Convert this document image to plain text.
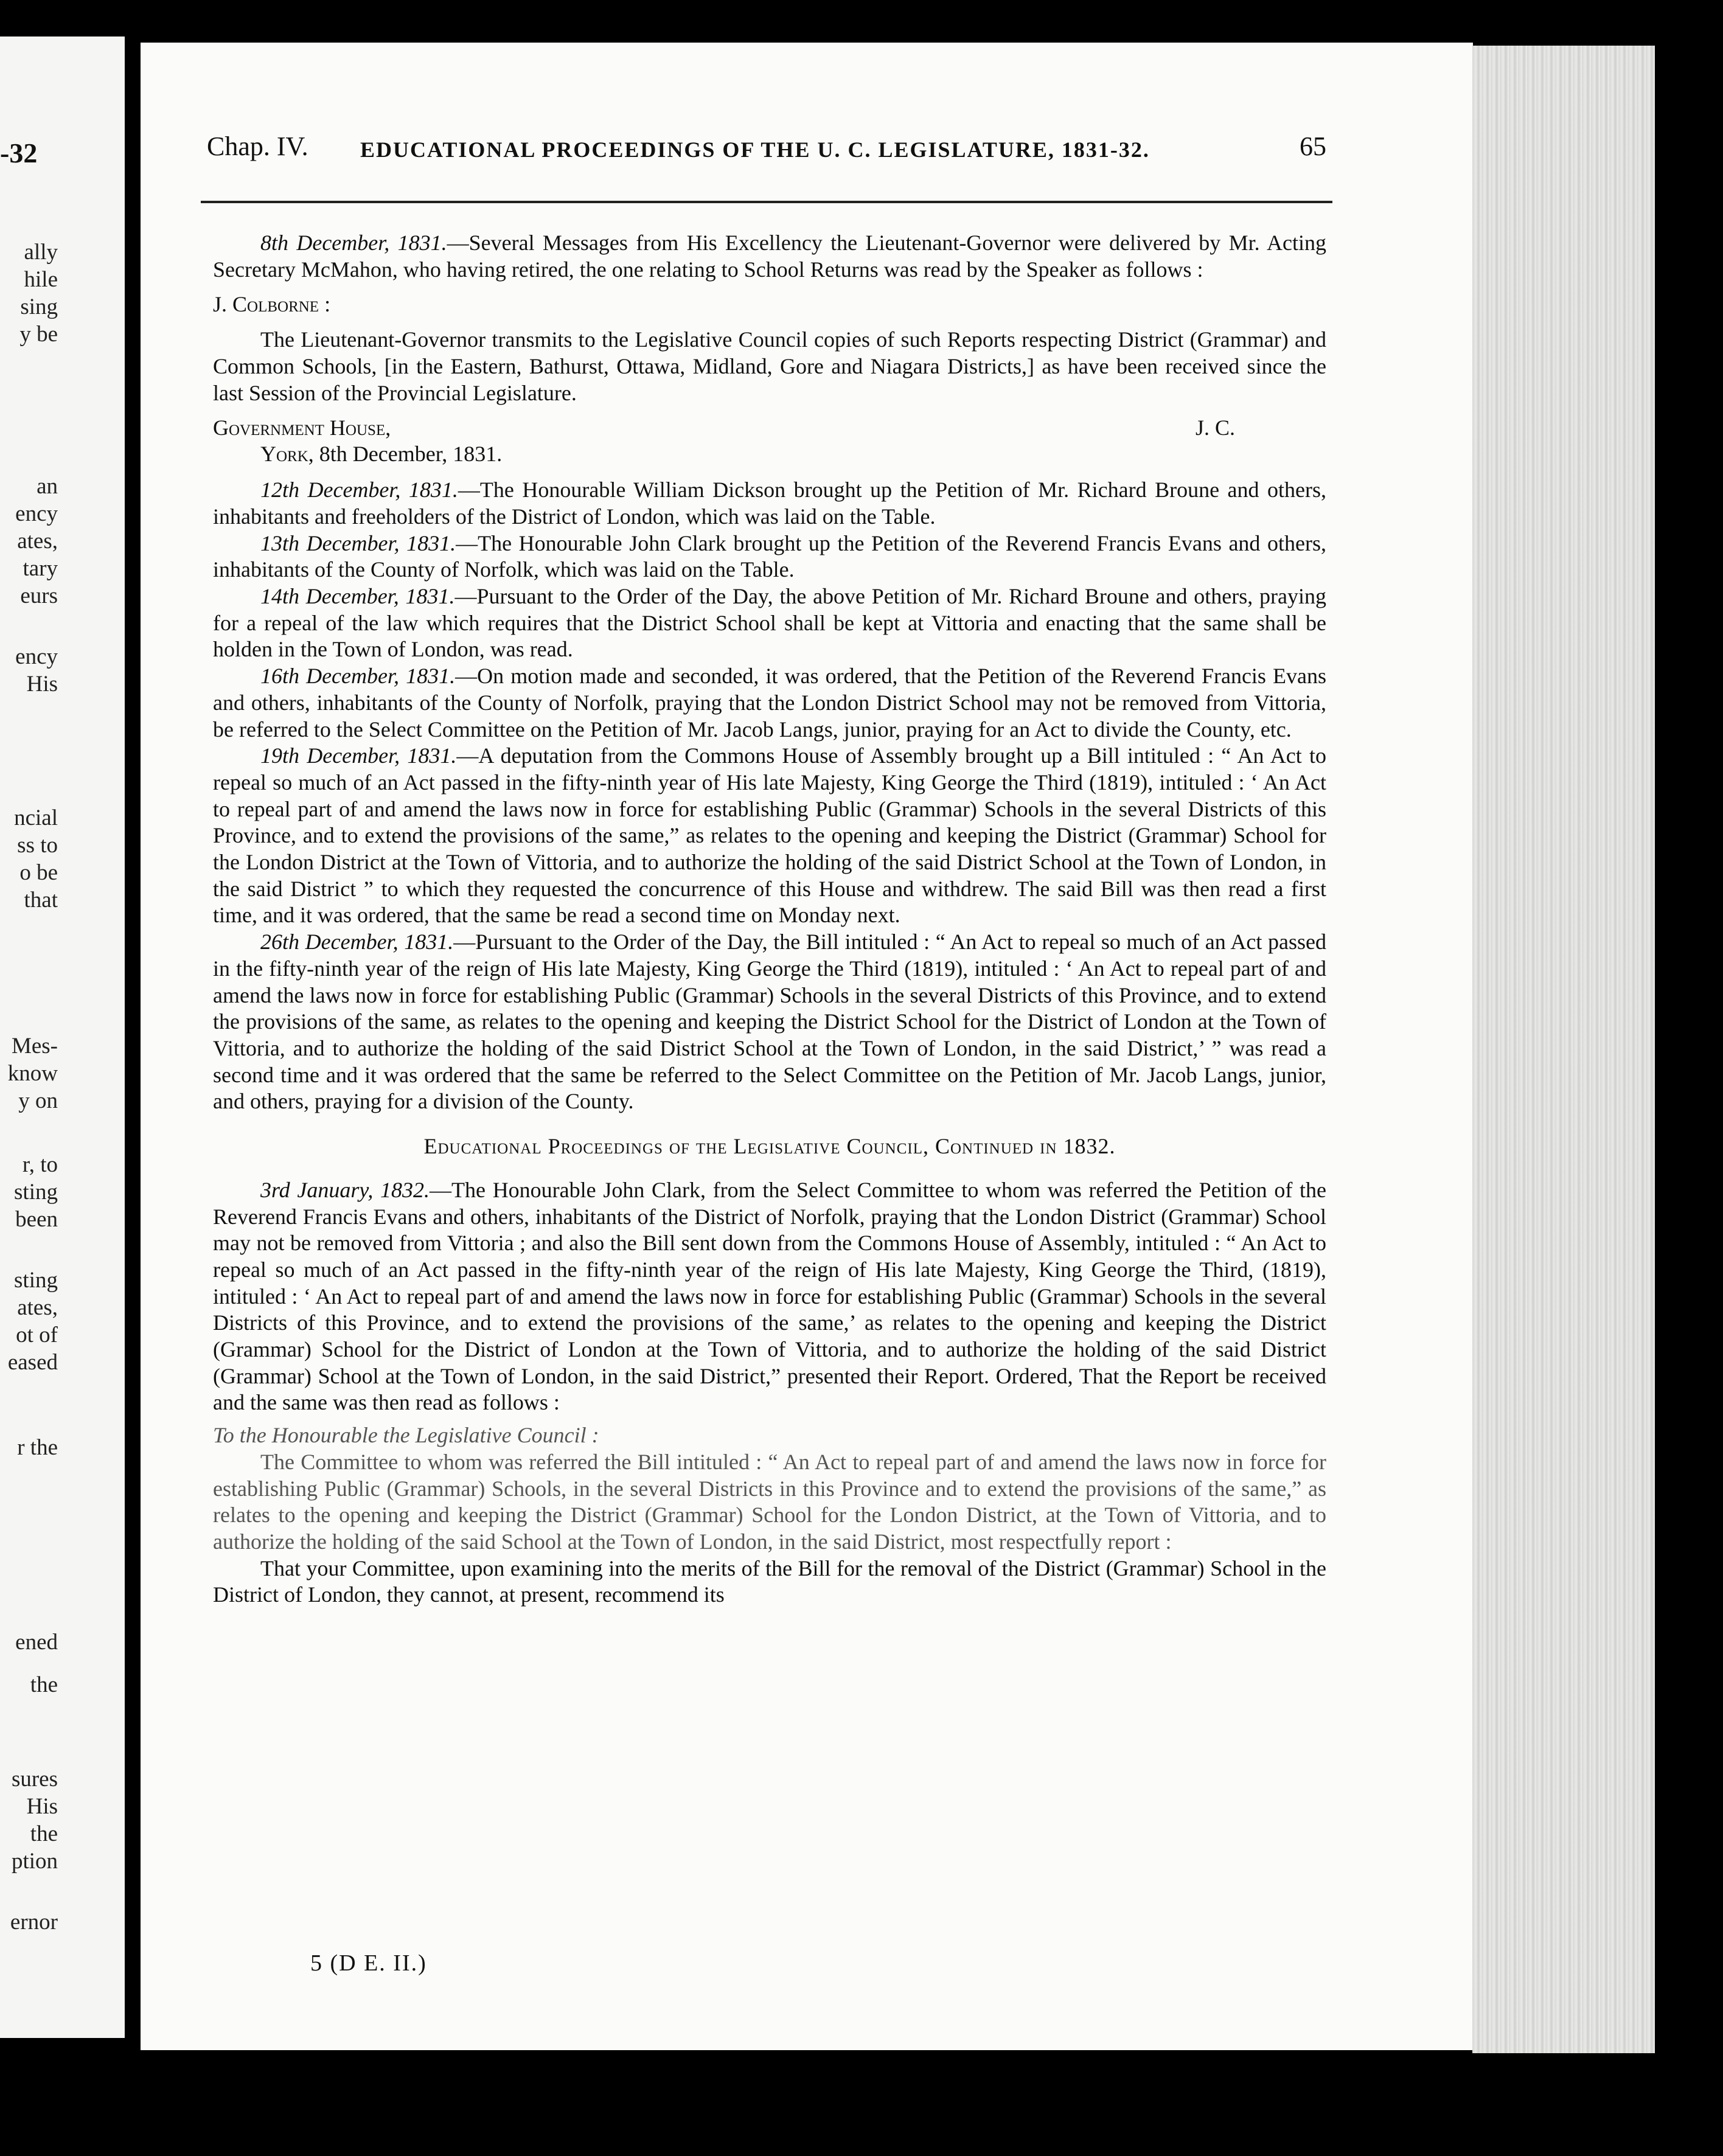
-32
ally
hile
sing
y be
an
ency
ates,
tary
eurs
ency
His
ncial
ss to
o be
that
Mes-
know
y on
r, to
sting
been
sting
ates,
ot of
eased
r the
ened
the
sures
His
the
ption
ernor
Chap. IV. EDUCATIONAL PROCEEDINGS OF THE U. C. LEGISLATURE, 1831-32.	65

8th December, 1831.—Several Messages from His Excellency the Lieutenant-Governor were delivered by Mr. Acting Secretary McMahon, who having retired, the one relating to School Returns was read by the Speaker as follows :

J. Colborne :

The Lieutenant-Governor transmits to the Legislative Council copies of such Reports respecting District (Grammar) and Common Schools, [in the Eastern, Bathurst, Ottawa, Midland, Gore and Niagara Districts,] as have been received since the last Session of the Provincial Legislature.

Government House,	J. C.
York, 8th December, 1831.

12th December, 1831.—The Honourable William Dickson brought up the Petition of Mr. Richard Broune and others, inhabitants and freeholders of the District of London, which was laid on the Table.

13th December, 1831.—The Honourable John Clark brought up the Petition of the Reverend Francis Evans and others, inhabitants of the County of Norfolk, which was laid on the Table.

14th December, 1831.—Pursuant to the Order of the Day, the above Petition of Mr. Richard Broune and others, praying for a repeal of the law which requires that the District School shall be kept at Vittoria and enacting that the same shall be holden in the Town of London, was read.

16th December, 1831.—On motion made and seconded, it was ordered, that the Petition of the Reverend Francis Evans and others, inhabitants of the County of Norfolk, praying that the London District School may not be removed from Vittoria, be referred to the Select Committee on the Petition of Mr. Jacob Langs, junior, praying for an Act to divide the County, etc.

19th December, 1831.—A deputation from the Commons House of Assembly brought up a Bill intituled : “ An Act to repeal so much of an Act passed in the fifty-ninth year of His late Majesty, King George the Third (1819), intituled : ‘ An Act to repeal part of and amend the laws now in force for establishing Public (Grammar) Schools in the several Districts of this Province, and to extend the provisions of the same,” as relates to the opening and keeping the District (Grammar) School for the London District at the Town of Vittoria, and to authorize the holding of the said District School at the Town of London, in the said District ” to which they requested the concurrence of this House and withdrew. The said Bill was then read a first time, and it was ordered, that the same be read a second time on Monday next.

26th December, 1831.—Pursuant to the Order of the Day, the Bill intituled : “ An Act to repeal so much of an Act passed in the fifty-ninth year of the reign of His late Majesty, King George the Third (1819), intituled : ‘ An Act to repeal part of and amend the laws now in force for establishing Public (Grammar) Schools in the several Districts of this Province, and to extend the provisions of the same, as relates to the opening and keeping the District School for the District of London at the Town of Vittoria, and to authorize the holding of the said District School at the Town of London, in the said District,’ ” was read a second time and it was ordered that the same be referred to the Select Committee on the Petition of Mr. Jacob Langs, junior, and others, praying for a division of the County.

Educational Proceedings of the Legislative Council, Continued in 1832.

3rd January, 1832.—The Honourable John Clark, from the Select Committee to whom was referred the Petition of the Reverend Francis Evans and others, inhabitants of the District of Norfolk, praying that the London District (Grammar) School may not be removed from Vittoria ; and also the Bill sent down from the Commons House of Assembly, intituled : “ An Act to repeal so much of an Act passed in the fifty-ninth year of the reign of His late Majesty, King George the Third, (1819), intituled : ‘ An Act to repeal part of and amend the laws now in force for establishing Public (Grammar) Schools in the several Districts of this Province, and to extend the provisions of the same,’ as relates to the opening and keeping the District (Grammar) School for the District of London at the Town of Vittoria, and to authorize the holding of the said District (Grammar) School at the Town of London, in the said District,” presented their Report. Ordered, That the Report be received and the same was then read as follows :

To the Honourable the Legislative Council :

The Committee to whom was referred the Bill intituled : “ An Act to repeal part of and amend the laws now in force for establishing Public (Grammar) Schools, in the several Districts in this Province and to extend the provisions of the same,” as relates to the opening and keeping the District (Grammar) School for the London District, at the Town of Vittoria, and to authorize the holding of the said School at the Town of London, in the said District, most respectfully report :

That your Committee, upon examining into the merits of the Bill for the removal of the District (Grammar) School in the District of London, they cannot, at present, recommend its

5 (D E. II.)
